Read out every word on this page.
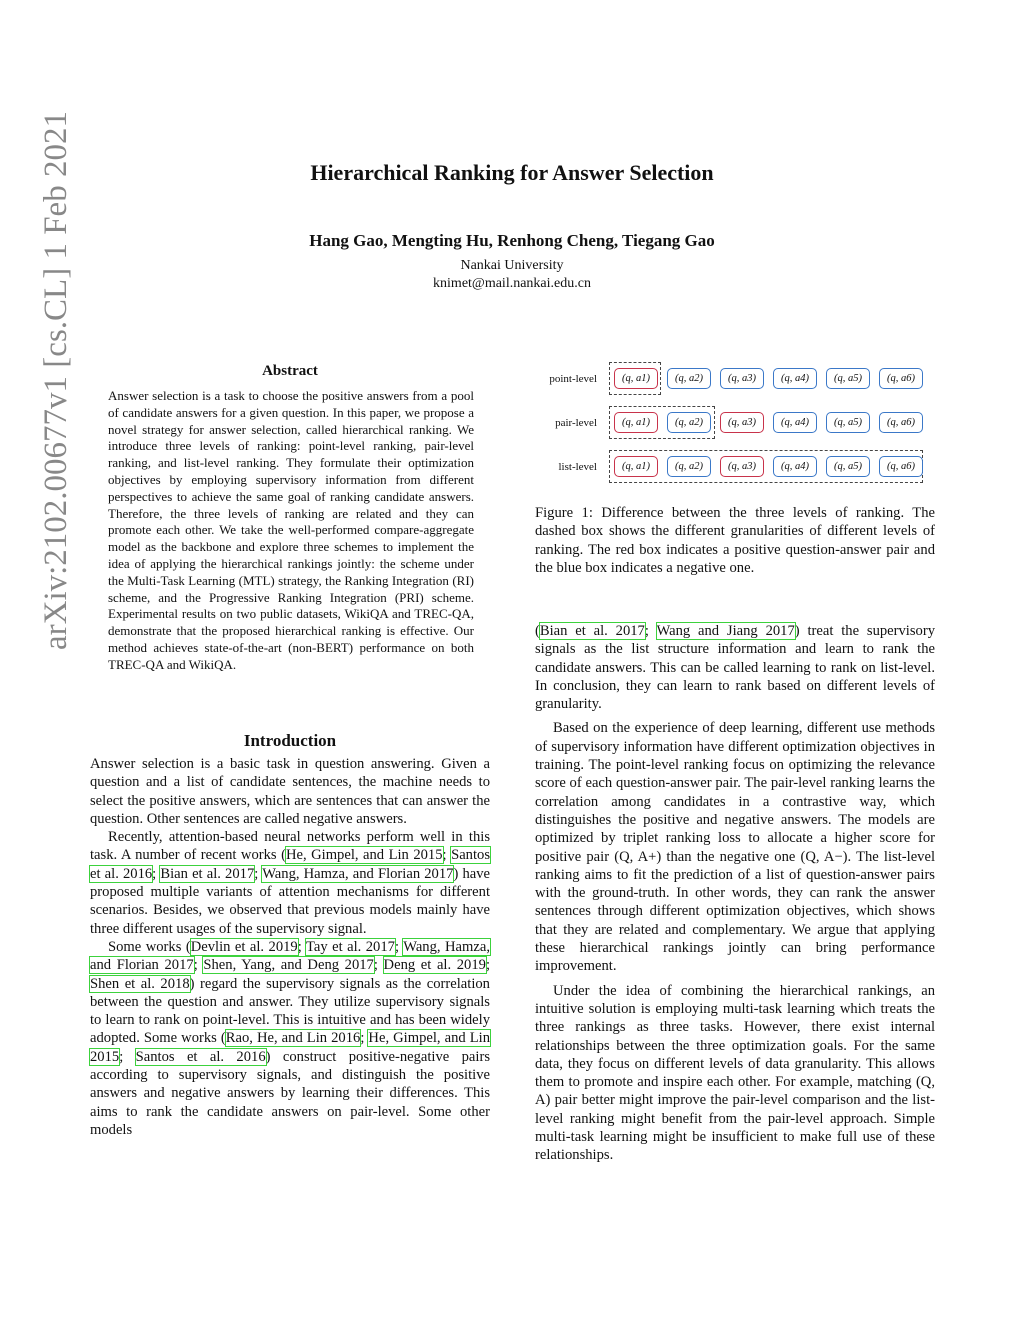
arXiv:2102.00677v1 [cs.CL] 1 Feb 2021	Hierarchical Ranking for Answer Selection
Hang Gao, Mengting Hu, Renhong Cheng, Tiegang Gao
Nankai University
knimet@mail.nankai.edu.cn
Abstract
Answer selection is a task to choose the positive answers from a pool of candidate answers for a given question. In this paper, we propose a novel strategy for answer selection, called hierarchical ranking. We introduce three levels of ranking: point-level ranking, pair-level ranking, and list-level ranking. They formulate their optimization objectives by employing supervisory information from different perspectives to achieve the same goal of ranking candidate answers. Therefore, the three levels of ranking are related and they can promote each other. We take the well-performed compare-aggregate model as the backbone and explore three schemes to implement the idea of applying the hierarchical rankings jointly: the scheme under the Multi-Task Learning (MTL) strategy, the Ranking Integration (RI) scheme, and the Progressive Ranking Integration (PRI) scheme. Experimental results on two public datasets, WikiQA and TREC-QA, demonstrate that the proposed hierarchical ranking is effective. Our method achieves state-of-the-art (non-BERT) performance on both TREC-QA and WikiQA.
point-level	(q, a1)	(q, a2)	(q, a3)	(q, a4)	(q, a5)	(q, a6)
pair-level	(q, a1)	(q, a2)	(q, a3)	(q, a4)	(q, a5)	(q, a6)
list-level	(q, a1)	(q, a2)	(q, a3)	(q, a4)	(q, a5)	(q, a6)
Figure 1: Difference between the three levels of ranking. The dashed box shows the different granularities of different levels of ranking. The red box indicates a positive question-answer pair and the blue box indicates a negative one.
Introduction

Answer selection is a basic task in question answering. Given a question and a list of candidate sentences, the machine needs to select the positive answers, which are sentences that can answer the question. Other sentences are called negative answers.

Recently, attention-based neural networks perform well in this task. A number of recent works (He, Gimpel, and Lin 2015; Santos et al. 2016; Bian et al. 2017; Wang, Hamza, and Florian 2017) have proposed multiple variants of attention mechanisms for different scenarios. Besides, we observed that previous models mainly have three different usages of the supervisory signal.

Some works (Devlin et al. 2019; Tay et al. 2017; Wang, Hamza, and Florian 2017; Shen, Yang, and Deng 2017; Deng et al. 2019; Shen et al. 2018) regard the supervisory signals as the correlation between the question and answer. They utilize supervisory signals to learn to rank on point-level. This is intuitive and has been widely adopted. Some works (Rao, He, and Lin 2016; He, Gimpel, and Lin 2015; Santos et al. 2016) construct positive-negative pairs according to supervisory signals, and distinguish the positive answers and negative answers by learning their differences. This aims to rank the candidate answers on pair-level. Some other models

(Bian et al. 2017; Wang and Jiang 2017) treat the supervisory signals as the list structure information and learn to rank the candidate answers. This can be called learning to rank on list-level. In conclusion, they can learn to rank based on different levels of granularity.

Based on the experience of deep learning, different use methods of supervisory information have different optimization objectives in training. The point-level ranking focus on optimizing the relevance score of each question-answer pair. The pair-level ranking learns the correlation among candidates in a contrastive way, which distinguishes the positive and negative answers. The models are optimized by triplet ranking loss to allocate a higher score for positive pair (Q, A+) than the negative one (Q, A−). The list-level ranking aims to fit the prediction of a list of question-answer pairs with the ground-truth. In other words, they can rank the answer sentences through different optimization objectives, which shows that they are related and complementary. We argue that applying these hierarchical rankings jointly can bring performance improvement.

Under the idea of combining the hierarchical rankings, an intuitive solution is employing multi-task learning which treats the three rankings as three tasks. However, there exist internal relationships between the three optimization goals. For the same data, they focus on different levels of data granularity. This allows them to promote and inspire each other. For example, matching (Q, A) pair better might improve the pair-level comparison and the list-level ranking might benefit from the pair-level approach. Simple multi-task learning might be insufficient to make full use of these relationships.
